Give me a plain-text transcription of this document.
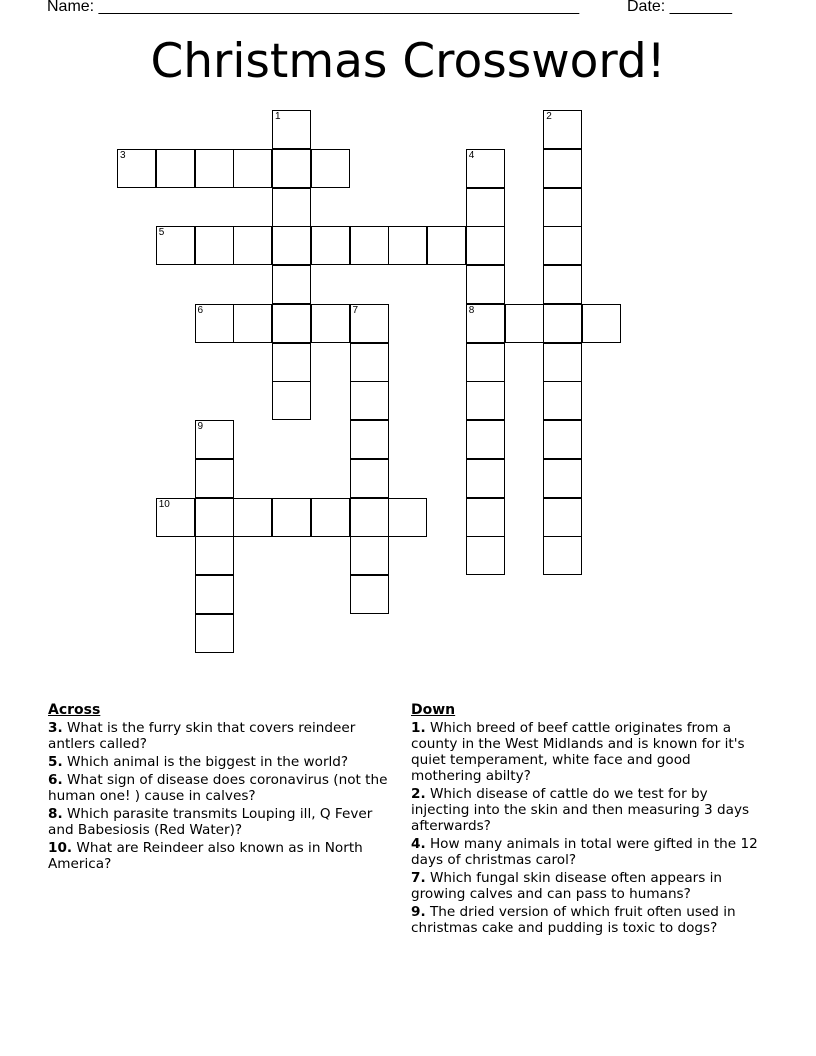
Name: ______________________________________________________	Date: _______
Christmas Crossword!
1	2
3	4
8
5
6	7
9
10
Across
3. What is the furry skin that covers reindeer antlers called?
5. Which animal is the biggest in the world?
6. What sign of disease does coronavirus (not the human one! ) cause in calves?
8. Which parasite transmits Louping ill, Q Fever and Babesiosis (Red Water)?
10. What are Reindeer also known as in North America?
Down
1. Which breed of beef cattle originates from a county in the West Midlands and is known for it's quiet temperament, white face and good mothering abilty?
2. Which disease of cattle do we test for by injecting into the skin and then measuring 3 days afterwards?
4. How many animals in total were gifted in the 12 days of christmas carol?
7. Which fungal skin disease often appears in growing calves and can pass to humans?
9. The dried version of which fruit often used in christmas cake and pudding is toxic to dogs?
